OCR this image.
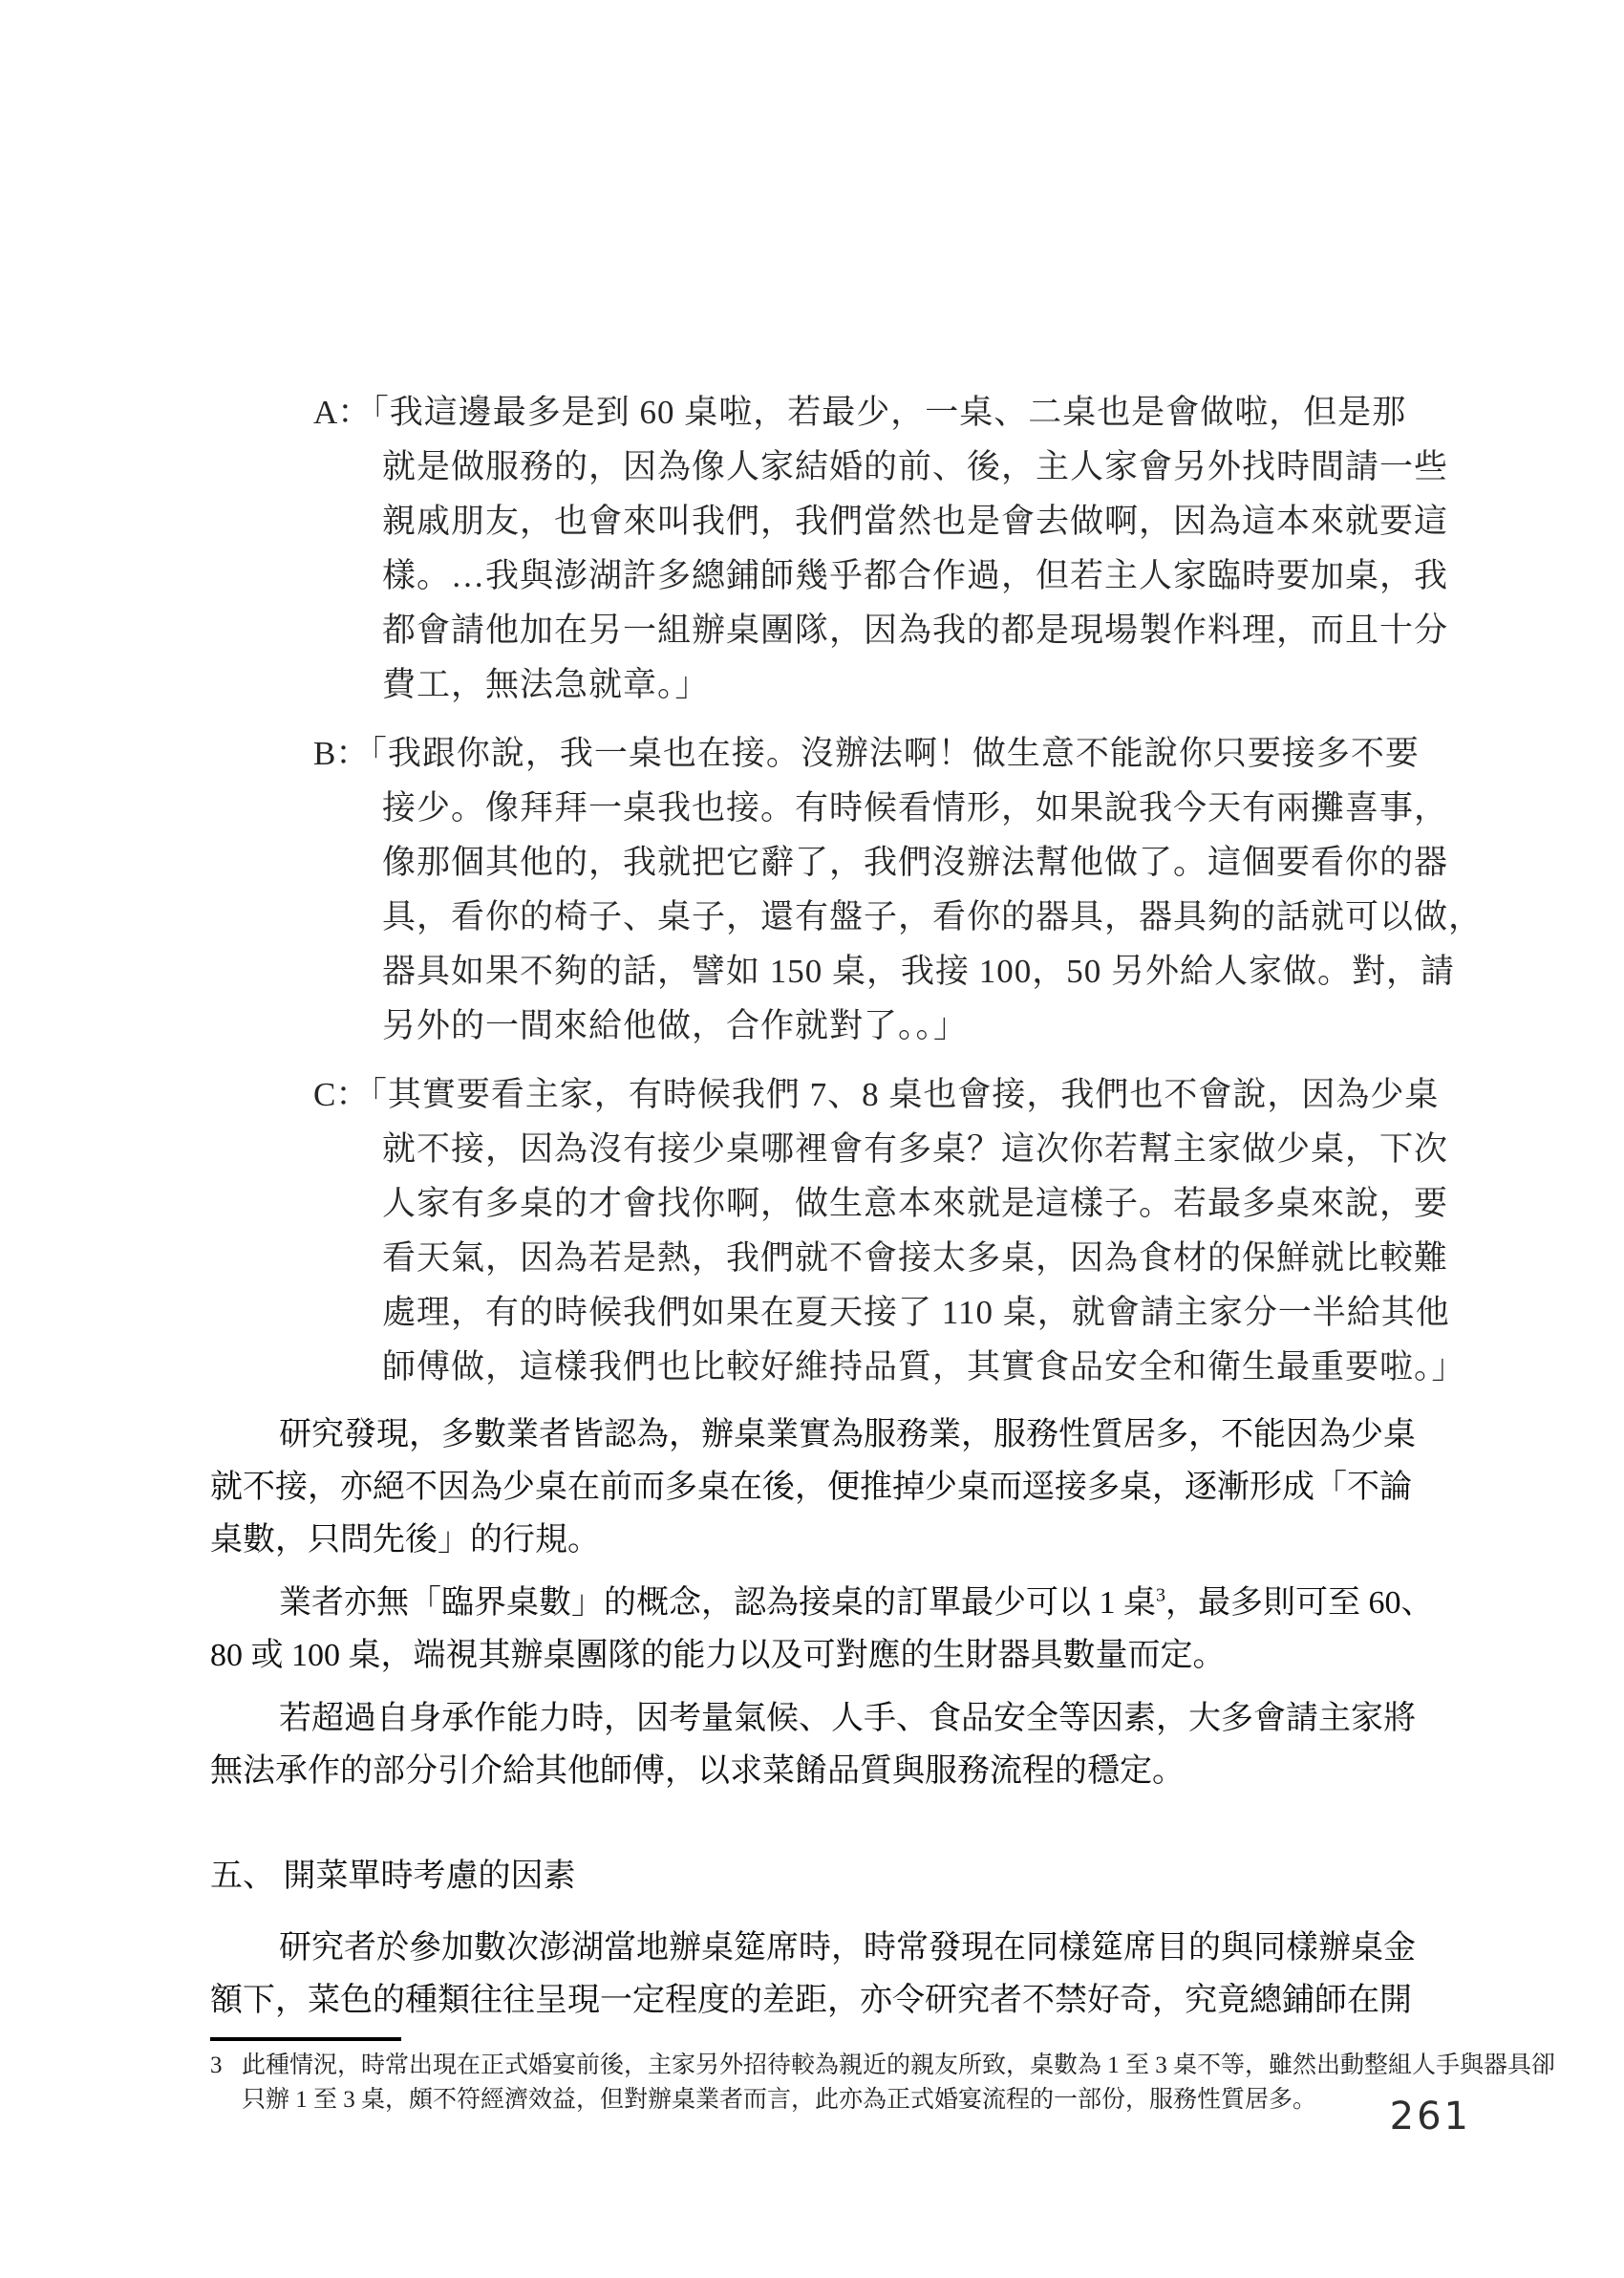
A：「我這邊最多是到 60 桌啦，若最少，一桌、二桌也是會做啦，但是那
就是做服務的，因為像人家結婚的前、後，主人家會另外找時間請一些
親戚朋友，也會來叫我們，我們當然也是會去做啊，因為這本來就要這
樣。…我與澎湖許多總鋪師幾乎都合作過，但若主人家臨時要加桌，我
都會請他加在另一組辦桌團隊，因為我的都是現場製作料理，而且十分
費工，無法急就章。」
B：「我跟你說，我一桌也在接。沒辦法啊！做生意不能說你只要接多不要
接少。像拜拜一桌我也接。有時候看情形，如果說我今天有兩攤喜事，
像那個其他的，我就把它辭了，我們沒辦法幫他做了。這個要看你的器
具，看你的椅子、桌子，還有盤子，看你的器具，器具夠的話就可以做，
器具如果不夠的話，譬如 150 桌，我接 100，50 另外給人家做。對，請
另外的一間來給他做，合作就對了。。」
C：「其實要看主家，有時候我們 7、8 桌也會接，我們也不會說，因為少桌
就不接，因為沒有接少桌哪裡會有多桌？這次你若幫主家做少桌，下次
人家有多桌的才會找你啊，做生意本來就是這樣子。若最多桌來說，要
看天氣，因為若是熱，我們就不會接太多桌，因為食材的保鮮就比較難
處理，有的時候我們如果在夏天接了 110 桌，就會請主家分一半給其他
師傅做，這樣我們也比較好維持品質，其實食品安全和衛生最重要啦。」
研究發現，多數業者皆認為，辦桌業實為服務業，服務性質居多，不能因為少桌
就不接，亦絕不因為少桌在前而多桌在後，便推掉少桌而逕接多桌，逐漸形成「不論
桌數，只問先後」的行規。
業者亦無「臨界桌數」的概念，認為接桌的訂單最少可以 1 桌$^3$，最多則可至 60、
80 或 100 桌，端視其辦桌團隊的能力以及可對應的生財器具數量而定。
若超過自身承作能力時，因考量氣候、人手、食品安全等因素，大多會請主家將
無法承作的部分引介給其他師傅，以求菜餚品質與服務流程的穩定。
五、 開菜單時考慮的因素
研究者於參加數次澎湖當地辦桌筵席時，時常發現在同樣筵席目的與同樣辦桌金
額下，菜色的種類往往呈現一定程度的差距，亦令研究者不禁好奇，究竟總鋪師在開
3 此種情況，時常出現在正式婚宴前後，主家另外招待較為親近的親友所致，桌數為 1 至 3 桌不等，雖然出動整組人手與器具卻
只辦 1 至 3 桌，頗不符經濟效益，但對辦桌業者而言，此亦為正式婚宴流程的一部份，服務性質居多。	261
